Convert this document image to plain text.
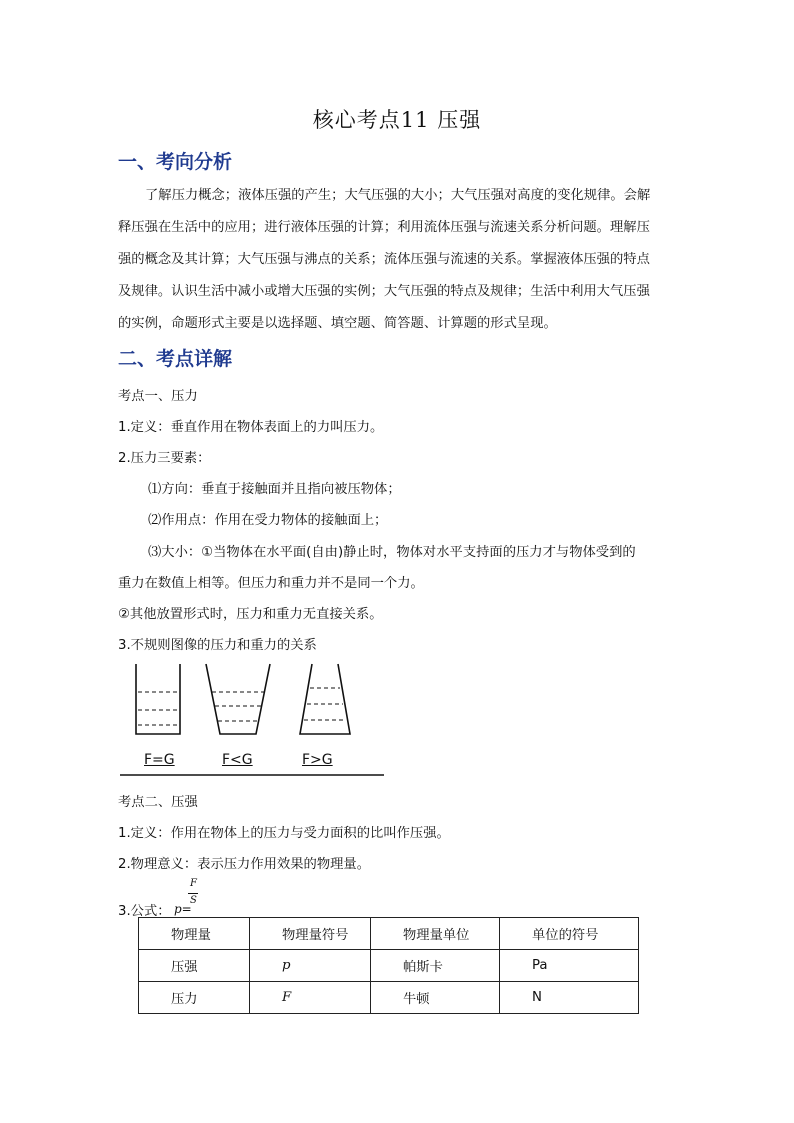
核心考点11 压强
一、考向分析
了解压力概念；液体压强的产生；大气压强的大小；大气压强对高度的变化规律。会解
释压强在生活中的应用；进行液体压强的计算；利用流体压强与流速关系分析问题。理解压
强的概念及其计算；大气压强与沸点的关系；流体压强与流速的关系。掌握液体压强的特点
及规律。认识生活中减小或增大压强的实例；大气压强的特点及规律；生活中利用大气压强
的实例，命题形式主要是以选择题、填空题、简答题、计算题的形式呈现。
二、考点详解
考点一、压力
1.定义：垂直作用在物体表面上的力叫压力。
2.压力三要素：
⑴方向：垂直于接触面并且指向被压物体；
⑵作用点：作用在受力物体的接触面上；
⑶大小：①当物体在水平面(自由)静止时，物体对水平支持面的压力才与物体受到的
重力在数值上相等。但压力和重力并不是同一个力。
②其他放置形式时，压力和重力无直接关系。
3.不规则图像的压力和重力的关系
F=G	F<G	F>G
考点二、压强
1.定义：作用在物体上的压力与受力面积的比叫作压强。
2.物理意义：表示压力作用效果的物理量。
3.公式： p=
F
S
物理量	物理量符号	物理量单位	单位的符号
压强	p	帕斯卡	Pa
压力	F	牛顿	N
